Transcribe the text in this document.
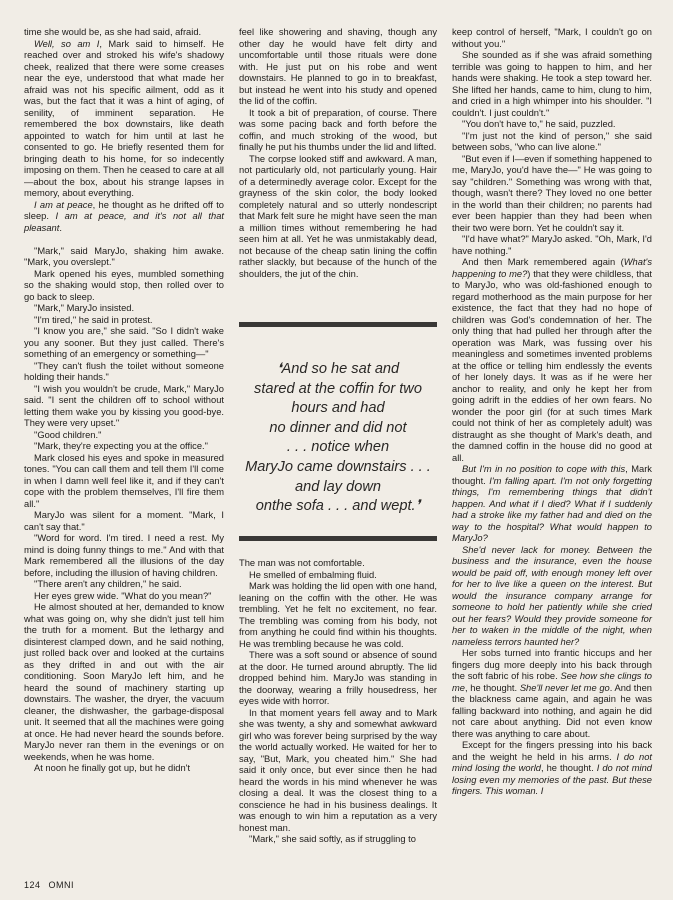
time she would be, as she had said, afraid.

Well, so am I, Mark said to himself. He reached over and stroked his wife's shadowy cheek, realized that there were some creases near the eye, understood that what made her afraid was not his specific ailment, odd as it was, but the fact that it was a hint of aging, of senility, of imminent separation. He remembered the box downstairs, like death appointed to watch for him until at last he consented to go. He briefly resented them for bringing death to his home, for so indecently imposing on them. Then he ceased to care at all—about the box, about his strange lapses in memory, about everything.

I am at peace, he thought as he drifted off to sleep. I am at peace, and it's not all that pleasant.

"Mark," said MaryJo, shaking him awake. "Mark, you overslept."

Mark opened his eyes, mumbled something so the shaking would stop, then rolled over to go back to sleep.

"Mark," MaryJo insisted.

"I'm tired," he said in protest.

"I know you are," she said. "So I didn't wake you any sooner. But they just called. There's something of an emergency or something—"

"They can't flush the toilet without someone holding their hands."

"I wish you wouldn't be crude, Mark," MaryJo said. "I sent the children off to school without letting them wake you by kissing you good-bye. They were very upset."

"Good children."

"Mark, they're expecting you at the office."

Mark closed his eyes and spoke in measured tones. "You can call them and tell them I'll come in when I damn well feel like it, and if they can't cope with the problem themselves, I'll fire them all."

MaryJo was silent for a moment. "Mark, I can't say that."

"Word for word. I'm tired. I need a rest. My mind is doing funny things to me." And with that Mark remembered all the illusions of the day before, including the illusion of having children.

"There aren't any children," he said.

Her eyes grew wide. "What do you mean?"

He almost shouted at her, demanded to know what was going on, why she didn't just tell him the truth for a moment. But the lethargy and disinterest clamped down, and he said nothing, just rolled back over and looked at the curtains as they drifted in and out with the air conditioning. Soon MaryJo left him, and he heard the sound of machinery starting up downstairs. The washer, the dryer, the vacuum cleaner, the dishwasher, the garbage-disposal unit. It seemed that all the machines were going at once. He had never heard the sounds before. MaryJo never ran them in the evenings or on weekends, when he was home.

At noon he finally got up, but he didn't

feel like showering and shaving, though any other day he would have felt dirty and uncomfortable until those rituals were done with. He just put on his robe and went downstairs. He planned to go in to breakfast, but instead he went into his study and opened the lid of the coffin.

It took a bit of preparation, of course. There was some pacing back and forth before the coffin, and much stroking of the wood, but finally he put his thumbs under the lid and lifted.

The corpse looked stiff and awkward. A man, not particularly old, not particularly young. Hair of a determinedly average color. Except for the grayness of the skin color, the body looked completely natural and so utterly nondescript that Mark felt sure he might have seen the man a million times without remembering he had seen him at all. Yet he was unmistakably dead, not because of the cheap satin lining the coffin rather slackly, but because of the hunch of the shoulders, the jut of the chin.

❛And so he sat and
stared at the coffin for two
hours and had
no dinner and did not
. . . notice when
MaryJo came downstairs . . .
and lay down
onthe sofa . . . and wept.❜

The man was not comfortable.

He smelled of embalming fluid.

Mark was holding the lid open with one hand, leaning on the coffin with the other. He was trembling. Yet he felt no excitement, no fear. The trembling was coming from his body, not from anything he could find within his thoughts. He was trembling because he was cold.

There was a soft sound or absence of sound at the door. He turned around abruptly. The lid dropped behind him. MaryJo was standing in the doorway, wearing a frilly housedress, her eyes wide with horror.

In that moment years fell away and to Mark she was twenty, a shy and somewhat awkward girl who was forever being surprised by the way the world actually worked. He waited for her to say, "But, Mark, you cheated him." She had said it only once, but ever since then he had heard the words in his mind whenever he was closing a deal. It was the closest thing to a conscience he had in his business dealings. It was enough to win him a reputation as a very honest man.

"Mark," she said softly, as if struggling to

keep control of herself, "Mark, I couldn't go on without you."

She sounded as if she was afraid something terrible was going to happen to him, and her hands were shaking. He took a step toward her. She lifted her hands, came to him, clung to him, and cried in a high whimper into his shoulder. "I couldn't. I just couldn't."

"You don't have to," he said, puzzled.

"I'm just not the kind of person," she said between sobs, "who can live alone."

"But even if I—even if something happened to me, MaryJo, you'd have the—" He was going to say "children." Something was wrong with that, though, wasn't there? They loved no one better in the world than their children; no parents had ever been happier than they had been when their two were born. Yet he couldn't say it.

"I'd have what?" MaryJo asked. "Oh, Mark, I'd have nothing."

And then Mark remembered again (What's happening to me?) that they were childless, that to MaryJo, who was old-fashioned enough to regard motherhood as the main purpose for her existence, the fact that they had no hope of children was God's condemnation of her. The only thing that had pulled her through after the operation was Mark, was fussing over his meaningless and sometimes invented problems at the office or telling him endlessly the events of her lonely days. It was as if he were her anchor to reality, and only he kept her from going adrift in the eddies of her own fears. No wonder the poor girl (for at such times Mark could not think of her as completely adult) was distraught as she thought of Mark's death, and the damned coffin in the house did no good at all.

But I'm in no position to cope with this, Mark thought. I'm falling apart. I'm not only forgetting things, I'm remembering things that didn't happen. And what if I died? What if I suddenly had a stroke like my father had and died on the way to the hospital? What would happen to MaryJo?

She'd never lack for money. Between the business and the insurance, even the house would be paid off, with enough money left over for her to live like a queen on the interest. But would the insurance company arrange for someone to hold her patiently while she cried out her fears? Would they provide someone for her to waken in the middle of the night, when nameless terrors haunted her?

Her sobs turned into frantic hiccups and her fingers dug more deeply into his back through the soft fabric of his robe. See how she clings to me, he thought. She'll never let me go. And then the blackness came again, and again he was falling backward into nothing, and again he did not care about anything. Did not even know there was anything to care about.

Except for the fingers pressing into his back and the weight he held in his arms. I do not mind losing the world, he thought. I do not mind losing even my memories of the past. But these fingers. This woman. I

124 OMNI
